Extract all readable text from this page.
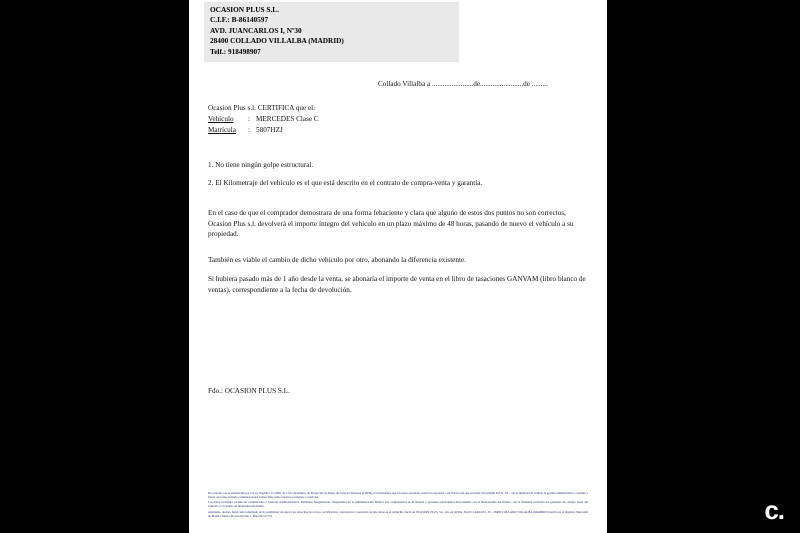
OCASION PLUS S.L.
C.I.F.: B-86140597
AVD. JUANCARLOS I, Nº30
28400 COLLADO VILLALBA (MADRID)
Telf.: 918498907
Collado Villalba a .......................de........................de .........
Ocasion Plus s.l. CERTIFICA que el:
Vehículo : MERCEDES Clase C
Matrícula : 5807HZJ
1. No tiene ningún golpe estructural.
2. El Kilometraje del vehículo es el que está descrito en el contrato de compra-venta y garantía.
En el caso de que el comprador demostrara de una forma fehaciente y clara que alguno de estos dos puntos no son correctos, Ocasion Plus s.l. devolverá el importe íntegro del vehículo en un plazo máximo de 48 horas, pasando de nuevo el vehículo a su propiedad.
También es viable el cambio de dicho vehículo por otro, abonando la diferencia existente.
Si hubiera pasado más de 1 año desde la venta, se abonaría el importe de venta en el libro de tasaciones GANVAM (libro blanco de ventas), correspondiente a la fecha de devolución.
Fdo.: OCASION PLUS S.L.

De acuerdo con lo establecido por la Ley Orgánica 15/1999, de 13 de diciembre, de Protección de Datos de Carácter Personal (LOPD), le informamos que los datos aportados serán incorporados a un fichero del que es titular OCASION PLUS, S.L. con la finalidad de realizar la gestión administrativa, contable y fiscal, así como enviarle comunicaciones comerciales sobre nuestros productos y servicios.

Los datos recabados podrán ser comunicados a Gestores Administrativos, Entidades Aseguradoras, Organismos de la Administración Pública con competencias en la materia y personas relacionadas directamente con el Responsable del fichero, con la finalidad exclusiva los gestiones de compra venta del vehículo y el cambio de titularidad del mismo.

Asimismo, declaro haber sido informado de la posibilidad de ejercer los derechos de acceso, rectificación, cancelación y oposición de mis datos en el domicilio fiscal de OCASION PLUS, S.L. sito en AVDA. JUAN CARLOS I, 30 - 28400 COLLADO VILLALBA (MADRID) Inscrita en el Registro Mercantil de Madrid Tomo 130, Inscripción 1, Hoja M-511731	c.
